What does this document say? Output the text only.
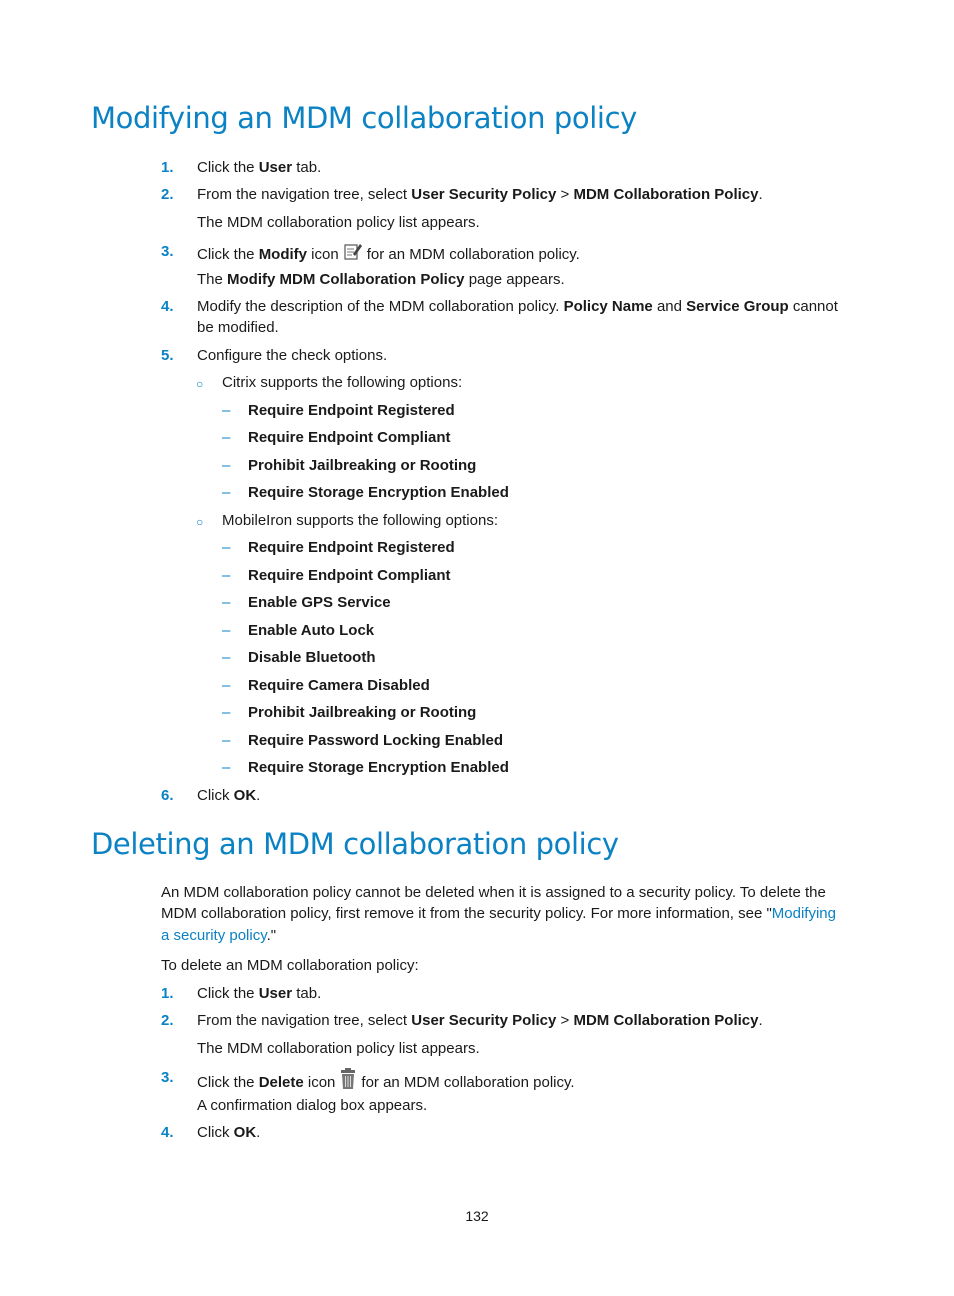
Modifying an MDM collaboration policy
1. Click the User tab.
2. From the navigation tree, select User Security Policy > MDM Collaboration Policy.
The MDM collaboration policy list appears.
3. Click the Modify icon for an MDM collaboration policy.
The Modify MDM Collaboration Policy page appears.
4. Modify the description of the MDM collaboration policy. Policy Name and Service Group cannot
be modified.
5. Configure the check options.
○ Citrix supports the following options:
– Require Endpoint Registered
– Require Endpoint Compliant
– Prohibit Jailbreaking or Rooting
– Require Storage Encryption Enabled
○ MobileIron supports the following options:
– Require Endpoint Registered
– Require Endpoint Compliant
– Enable GPS Service
– Enable Auto Lock
– Disable Bluetooth
– Require Camera Disabled
– Prohibit Jailbreaking or Rooting
– Require Password Locking Enabled
– Require Storage Encryption Enabled
6. Click OK.
Deleting an MDM collaboration policy
An MDM collaboration policy cannot be deleted when it is assigned to a security policy. To delete the
MDM collaboration policy, first remove it from the security policy. For more information, see "Modifying
a security policy."
To delete an MDM collaboration policy:
1. Click the User tab.
2. From the navigation tree, select User Security Policy > MDM Collaboration Policy.
The MDM collaboration policy list appears.
3. Click the Delete icon for an MDM collaboration policy.
A confirmation dialog box appears.
4. Click OK.
132
